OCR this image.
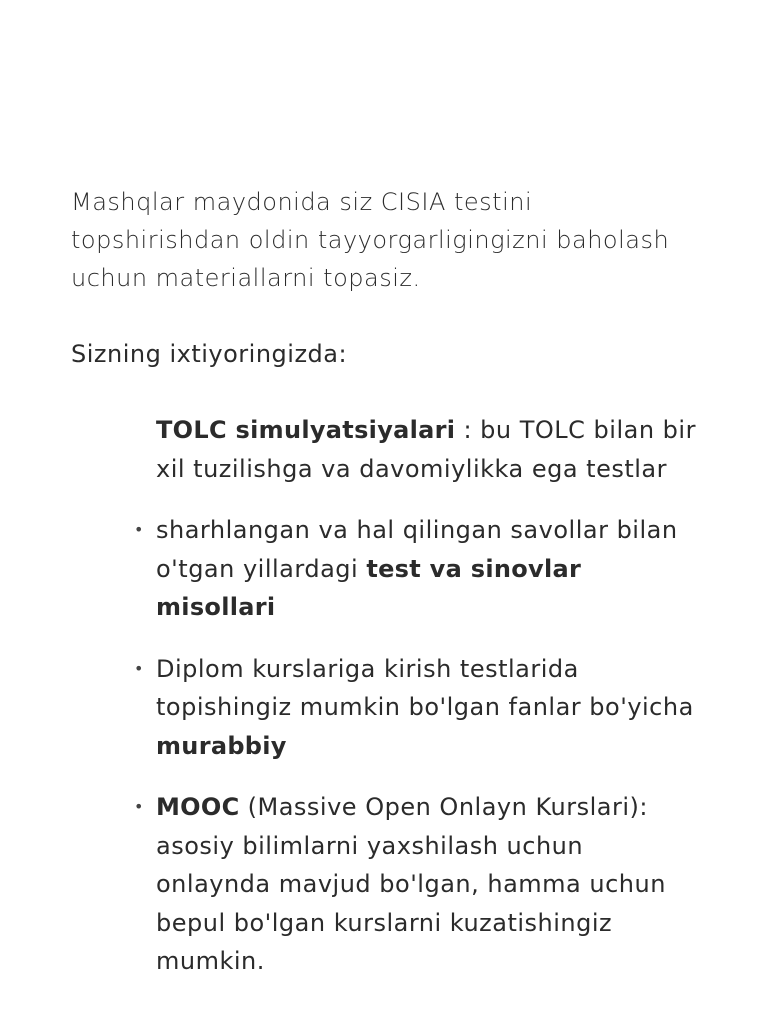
Mashqlar maydonida siz CISIA testini topshirishdan oldin tayyorgarligingizni baholash uchun materiallarni topasiz.

Sizning ixtiyoringizda:

TOLC simulyatsiyalari : bu TOLC bilan bir xil tuzilishga va davomiylikka ega testlar
• sharhlangan va hal qilingan savollar bilan o'tgan yillardagi test va sinovlar misollari
• Diplom kurslariga kirish testlarida topishingiz mumkin bo'lgan fanlar bo'yicha murabbiy
• MOOC (Massive Open Onlayn Kurslari): asosiy bilimlarni yaxshilash uchun onlaynda mavjud bo'lgan, hamma uchun bepul bo'lgan kurslarni kuzatishingiz mumkin.
